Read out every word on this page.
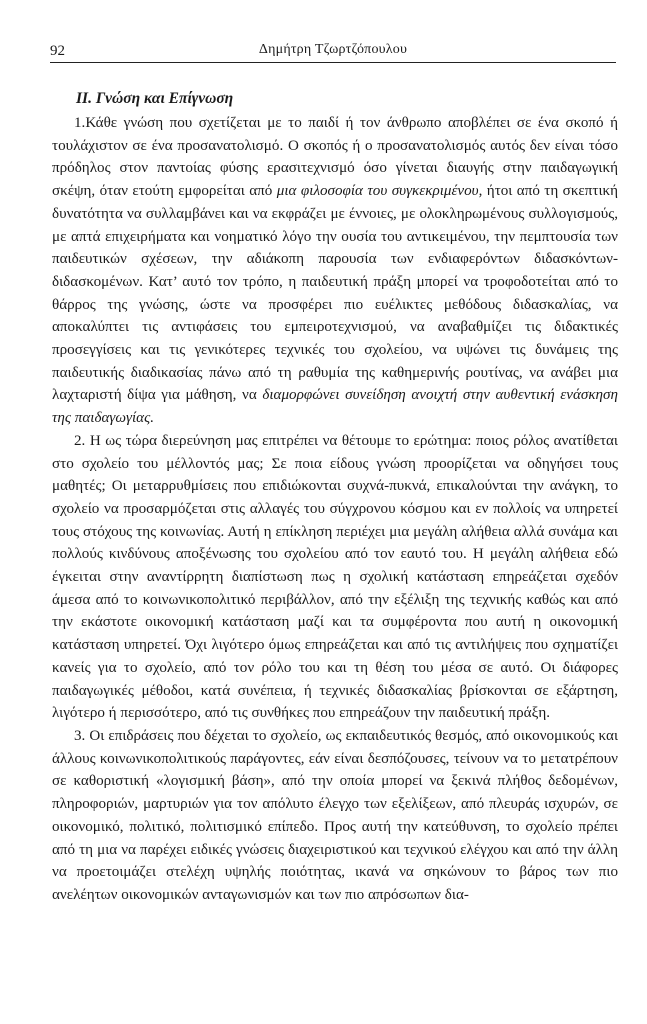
92	Δημήτρη Τζωρτζόπουλου
ΙΙ. Γνώση και Επίγνωση

1.Κάθε γνώση που σχετίζεται με το παιδί ή τον άνθρωπο αποβλέπει σε ένα σκοπό ή τουλάχιστον σε ένα προσανατολισμό. Ο σκοπός ή ο προσανατολισμός αυτός δεν είναι τόσο πρόδηλος στον παντοίας φύσης ερασιτεχνισμό όσο γίνεται διαυγής στην παιδαγωγική σκέψη, όταν ετούτη εμφορείται από μια φιλοσοφία του συγκεκριμένου, ήτοι από τη σκεπτική δυνατότητα να συλλαμβάνει και να εκφράζει με έννοιες, με ολοκληρωμένους συλλογισμούς, με απτά επιχειρήματα και νοηματικό λόγο την ουσία του αντικειμένου, την πεμπτουσία των παιδευτικών σχέσεων, την αδιάκοπη παρουσία των ενδιαφερόντων διδασκόντων-διδασκομένων. Κατ’ αυτό τον τρόπο, η παιδευτική πράξη μπορεί να τροφοδοτείται από το θάρρος της γνώσης, ώστε να προσφέρει πιο ευέλικτες μεθόδους διδασκαλίας, να αποκαλύπτει τις αντιφάσεις του εμπειροτεχνισμού, να αναβαθμίζει τις διδακτικές προσεγγίσεις και τις γενικότερες τεχνικές του σχολείου, να υψώνει τις δυνάμεις της παιδευτικής διαδικασίας πάνω από τη ραθυμία της καθημερινής ρουτίνας, να ανάβει μια λαχταριστή δίψα για μάθηση, να διαμορφώνει συνείδηση ανοιχτή στην αυθεντική ενάσκηση της παιδαγωγίας.

2. Η ως τώρα διερεύνηση μας επιτρέπει να θέτουμε το ερώτημα: ποιος ρόλος ανατίθεται στο σχολείο του μέλλοντός μας; Σε ποια είδους γνώση προορίζεται να οδηγήσει τους μαθητές; Οι μεταρρυθμίσεις που επιδιώκονται συχνά-πυκνά, επικαλούνται την ανάγκη, το σχολείο να προσαρμόζεται στις αλλαγές του σύγχρονου κόσμου και εν πολλοίς να υπηρετεί τους στόχους της κοινωνίας. Αυτή η επίκληση περιέχει μια μεγάλη αλήθεια αλλά συνάμα και πολλούς κινδύνους αποξένωσης του σχολείου από τον εαυτό του. Η μεγάλη αλήθεια εδώ έγκειται στην αναντίρρητη διαπίστωση πως η σχολική κατάσταση επηρεάζεται σχεδόν άμεσα από το κοινωνικοπολιτικό περιβάλλον, από την εξέλιξη της τεχνικής καθώς και από την εκάστοτε οικονομική κατάσταση μαζί και τα συμφέροντα που αυτή η οικονομική κατάσταση υπηρετεί. Όχι λιγότερο όμως επηρεάζεται και από τις αντιλήψεις που σχηματίζει κανείς για το σχολείο, από τον ρόλο του και τη θέση του μέσα σε αυτό. Οι διάφορες παιδαγωγικές μέθοδοι, κατά συνέπεια, ή τεχνικές διδασκαλίας βρίσκονται σε εξάρτηση, λιγότερο ή περισσότερο, από τις συνθήκες που επηρεάζουν την παιδευτική πράξη.

3. Οι επιδράσεις που δέχεται το σχολείο, ως εκπαιδευτικός θεσμός, από οικονομικούς και άλλους κοινωνικοπολιτικούς παράγοντες, εάν είναι δεσπόζουσες, τείνουν να το μετατρέπουν σε καθοριστική «λογισμική βάση», από την οποία μπορεί να ξεκινά πλήθος δεδομένων, πληροφοριών, μαρτυριών για τον απόλυτο έλεγχο των εξελίξεων, από πλευράς ισχυρών, σε οικονομικό, πολιτικό, πολιτισμικό επίπεδο. Προς αυτή την κατεύθυνση, το σχολείο πρέπει από τη μια να παρέχει ειδικές γνώσεις διαχειριστικού και τεχνικού ελέγχου και από την άλλη να προετοιμάζει στελέχη υψηλής ποιότητας, ικανά να σηκώνουν το βάρος των πιο ανελέητων οικονομικών ανταγωνισμών και των πιο απρόσωπων δια-
